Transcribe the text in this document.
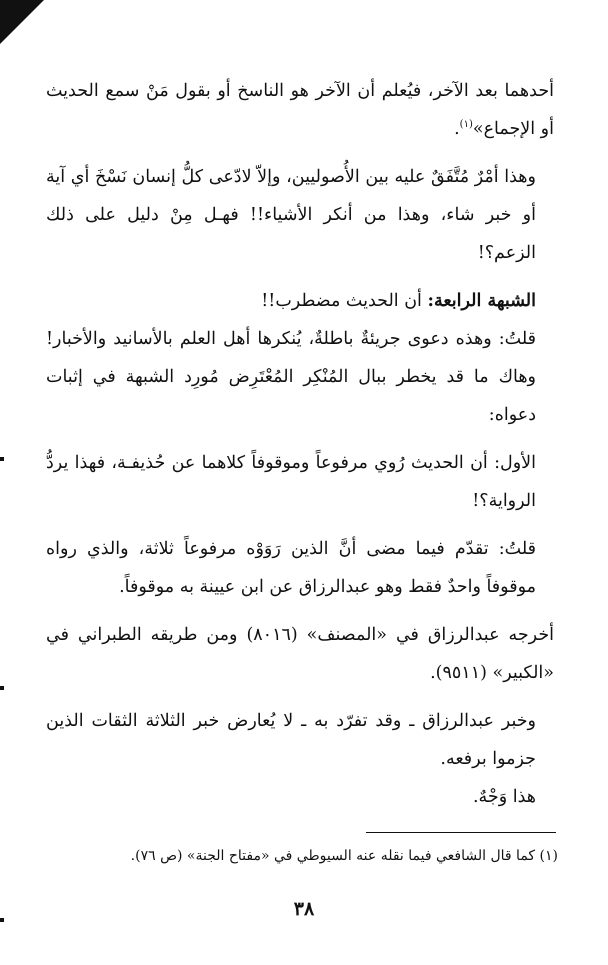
أحدهما بعد الآخر، فيُعلم أن الآخر هو الناسخ أو بقول مَنْ سمع الحديث أو الإجماع»$^{(١)}$.

وهذا أمْرٌ مُتَّفَقٌ عليه بين الأُصوليين، وإلاّ لادّعى كلُّ إنسان نَسْخَ أي آية أو خبر شاء، وهذا من أنكر الأشياء!! فهـل مِنْ دليل على ذلك الزعم؟!

الشبهة الرابعة: أن الحديث مضطرب!!

قلتُ: وهذه دعوى جريئةٌ باطلةٌ، يُنكرها أهل العلم بالأسانيد والأخبار! وهاك ما قد يخطر ببال المُنْكِر المُعْتَرِض مُورِد الشبهة في إثبات دعواه:

الأول: أن الحديث رُوي مرفوعاً وموقوفاً كلاهما عن حُذيفـة، فهذا يردُّ الرواية؟!

قلتُ: تقدّم فيما مضى أنَّ الذين رَوَوْه مرفوعاً ثلاثة، والذي رواه موقوفاً واحدٌ فقط وهو عبدالرزاق عن ابن عيينة به موقوفاً.

أخرجه عبدالرزاق في «المصنف» (٨٠١٦) ومن طريقه الطبراني في «الكبير» (٩٥١١).

وخبر عبدالرزاق ـ وقد تفرّد به ـ لا يُعارض خبر الثلاثة الثقات الذين جزموا برفعه.

هذا وَجْهٌ.

(١) كما قال الشافعي فيما نقله عنه السيوطي في «مفتاح الجنة» (ص ٧٦).
٣٨
